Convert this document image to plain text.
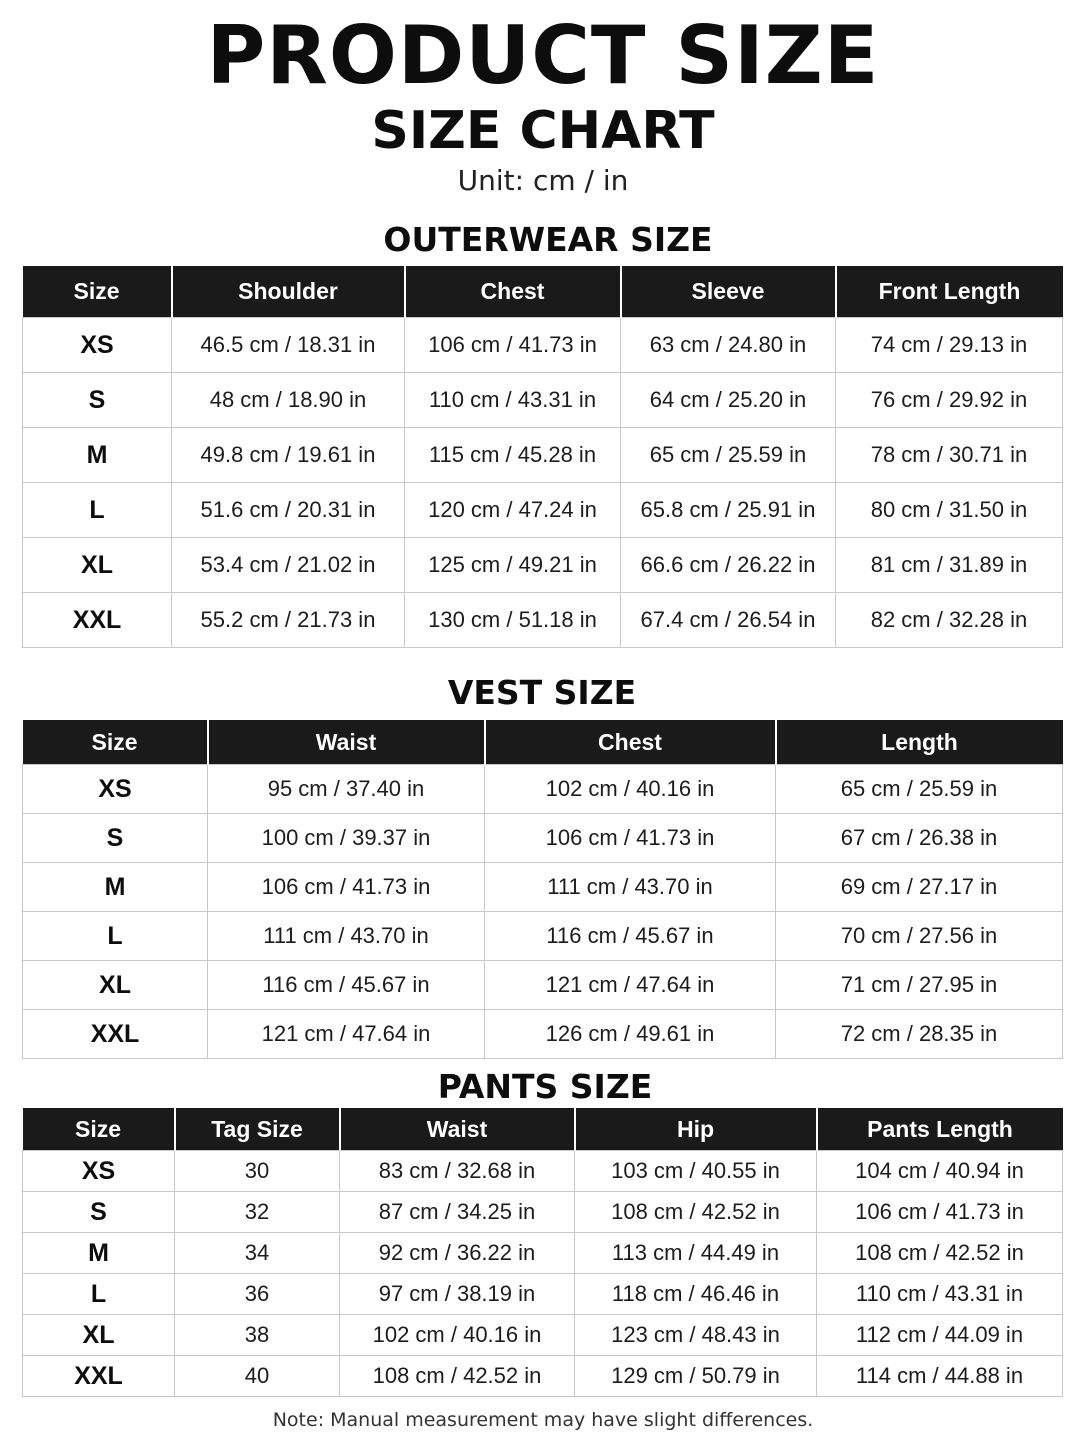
PRODUCT SIZE
SIZE CHART
Unit: cm / in
OUTERWEAR SIZE
Size	Shoulder	Chest	Sleeve	Front Length
XS	46.5 cm / 18.31 in	106 cm / 41.73 in	63 cm / 24.80 in	74 cm / 29.13 in
S	48 cm / 18.90 in	110 cm / 43.31 in	64 cm / 25.20 in	76 cm / 29.92 in
M	49.8 cm / 19.61 in	115 cm / 45.28 in	65 cm / 25.59 in	78 cm / 30.71 in
L	51.6 cm / 20.31 in	120 cm / 47.24 in	65.8 cm / 25.91 in	80 cm / 31.50 in
XL	53.4 cm / 21.02 in	125 cm / 49.21 in	66.6 cm / 26.22 in	81 cm / 31.89 in
XXL	55.2 cm / 21.73 in	130 cm / 51.18 in	67.4 cm / 26.54 in	82 cm / 32.28 in
VEST SIZE
Size	Waist	Chest	Length
XS	95 cm / 37.40 in	102 cm / 40.16 in	65 cm / 25.59 in
S	100 cm / 39.37 in	106 cm / 41.73 in	67 cm / 26.38 in
M	106 cm / 41.73 in	111 cm / 43.70 in	69 cm / 27.17 in
L	111 cm / 43.70 in	116 cm / 45.67 in	70 cm / 27.56 in
XL	116 cm / 45.67 in	121 cm / 47.64 in	71 cm / 27.95 in
XXL	121 cm / 47.64 in	126 cm / 49.61 in	72 cm / 28.35 in
PANTS SIZE
Size	Tag Size	Waist	Hip	Pants Length
XS	30	83 cm / 32.68 in	103 cm / 40.55 in	104 cm / 40.94 in
S	32	87 cm / 34.25 in	108 cm / 42.52 in	106 cm / 41.73 in
M	34	92 cm / 36.22 in	113 cm / 44.49 in	108 cm / 42.52 in
L	36	97 cm / 38.19 in	118 cm / 46.46 in	110 cm / 43.31 in
XL	38	102 cm / 40.16 in	123 cm / 48.43 in	112 cm / 44.09 in
XXL	40	108 cm / 42.52 in	129 cm / 50.79 in	114 cm / 44.88 in
Note: Manual measurement may have slight differences.
